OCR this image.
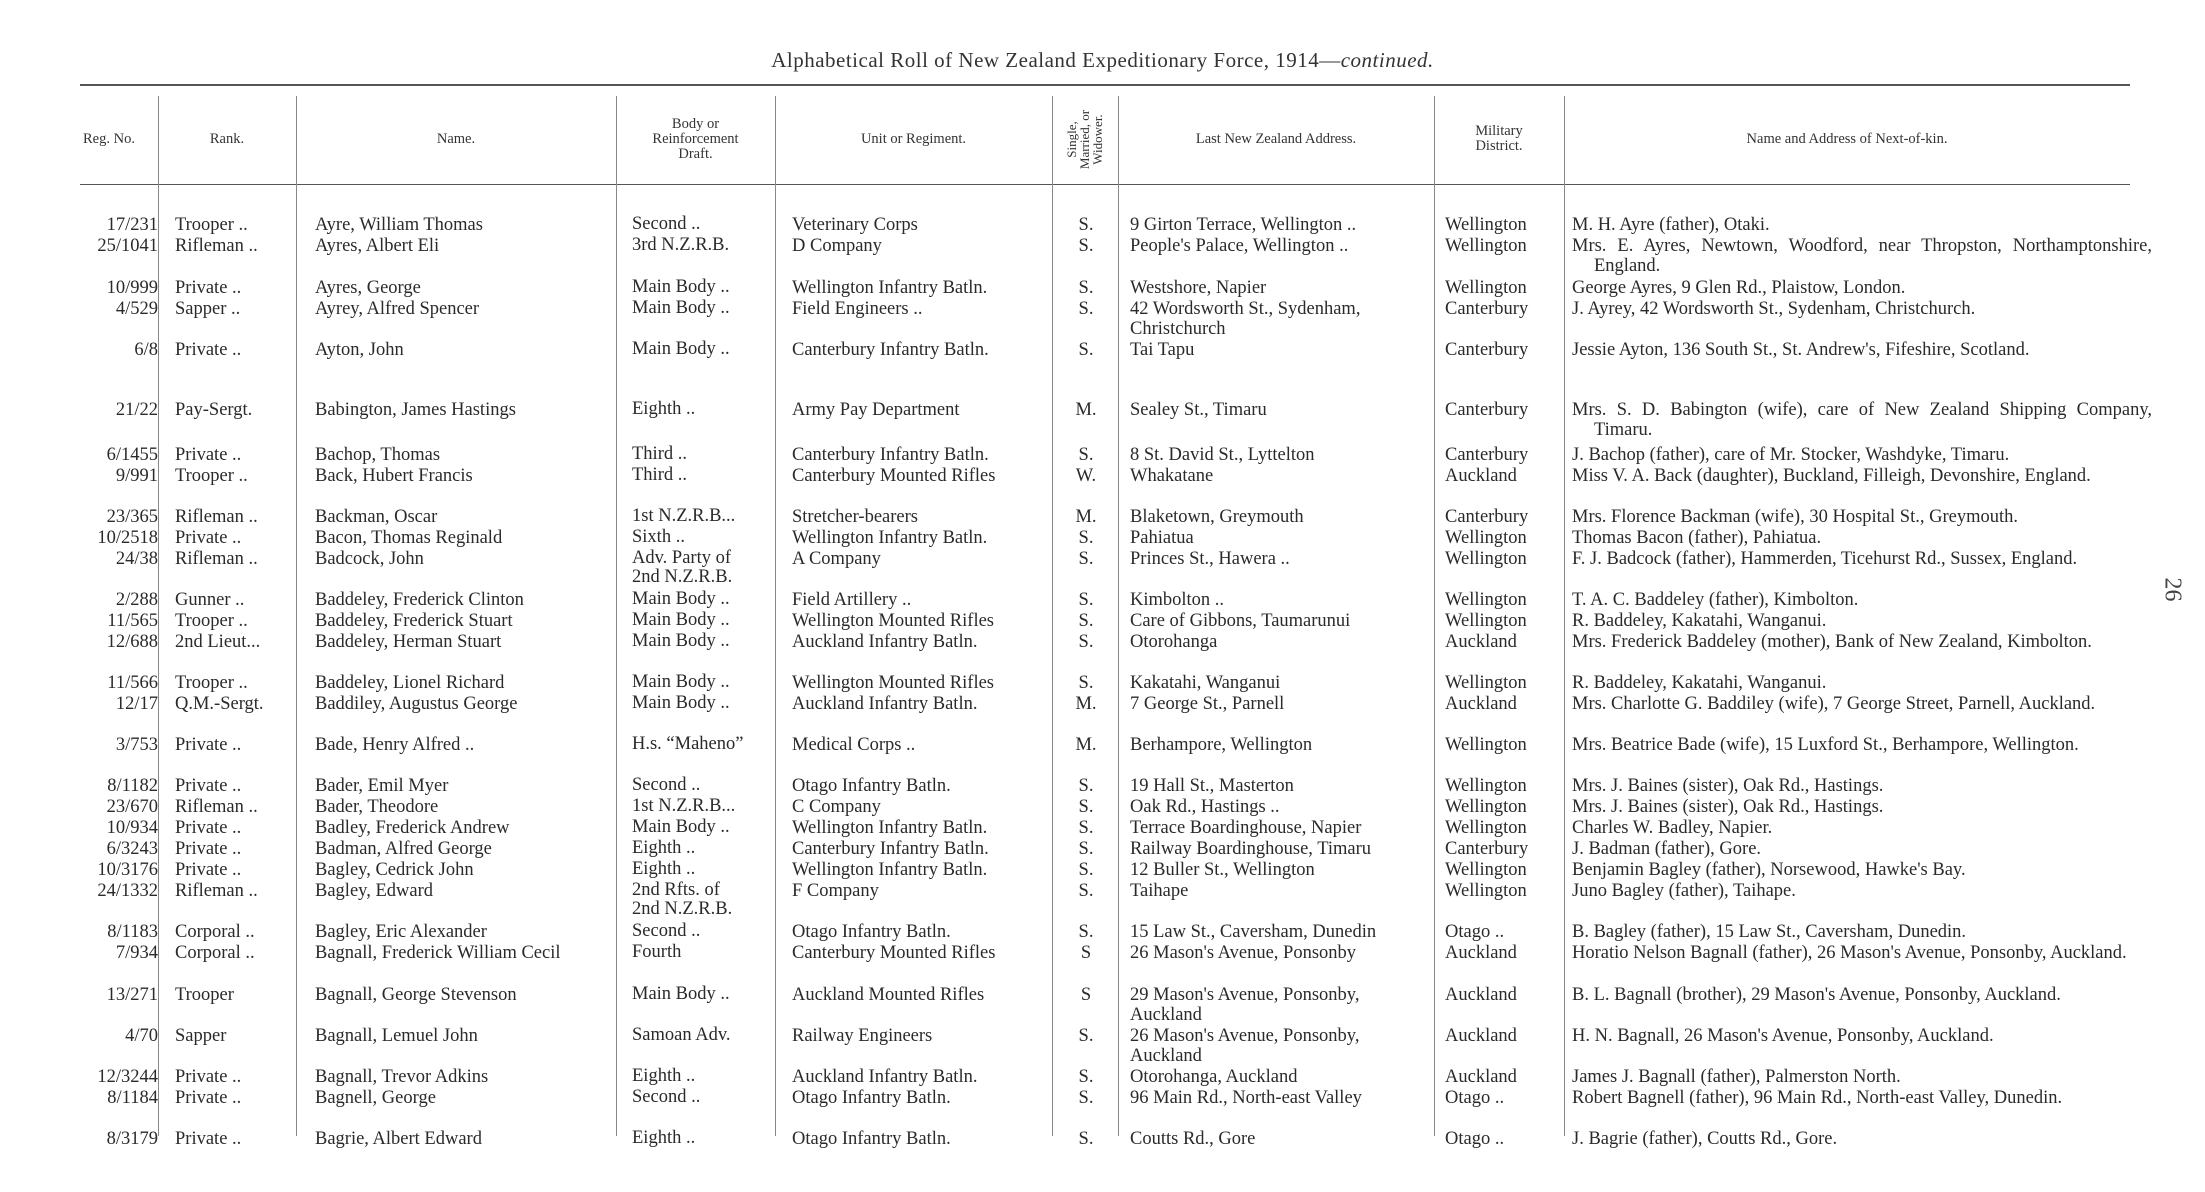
Alphabetical Roll of New Zealand Expeditionary Force, 1914—continued.
Reg. No.	Rank.	Name.
Body or
Reinforcement
Draft.
Unit or Regiment.	Single,
Married, or
Widower.	Last New Zealand Address.	Military
District.	Name and Address of Next-of-kin.
17/231 Trooper ..	Ayre, William Thomas	Second ..	Veterinary Corps	S.	9 Girton Terrace, Wellington ..	Wellington	M. H. Ayre (father), Otaki.
25/1041 Rifleman ..	Ayres, Albert Eli	3rd N.Z.R.B.	D Company	S.	People's Palace, Wellington ..	Wellington	Mrs. E. Ayres, Newtown, Woodford, near Thropston, Northamptonshire, England.
10/999 Private ..	Ayres, George	Main Body ..	Wellington Infantry Batln.	S.	Westshore, Napier	Wellington	George Ayres, 9 Glen Rd., Plaistow, London.
4/529 Sapper ..	Ayrey, Alfred Spencer	Main Body ..	Field Engineers ..	S.	42 Wordsworth St., Sydenham,
Christchurch
Canterbury	J. Ayrey, 42 Wordsworth St., Sydenham, Christchurch.
6/8 Private ..	Ayton, John	Main Body ..	Canterbury Infantry Batln.	S.	Tai Tapu	Canterbury	Jessie Ayton, 136 South St., St. Andrew's, Fifeshire, Scotland.
21/22 Pay-Sergt.	Babington, James Hastings	Eighth ..	Army Pay Department	M.	Sealey St., Timaru	Canterbury	Mrs. S. D. Babington (wife), care of New Zealand Shipping Company, Timaru.
6/1455 Private ..	Bachop, Thomas	Third ..	Canterbury Infantry Batln.	S.	8 St. David St., Lyttelton	Canterbury	J. Bachop (father), care of Mr. Stocker, Washdyke, Timaru.
9/991 Trooper ..	Back, Hubert Francis	Third ..	Canterbury Mounted Rifles	W.	Whakatane	Auckland	Miss V. A. Back (daughter), Buckland, Filleigh, Devonshire, England.
23/365 Rifleman ..	Backman, Oscar	1st N.Z.R.B...	Stretcher-bearers	M.	Blaketown, Greymouth	Canterbury	Mrs. Florence Backman (wife), 30 Hospital St., Greymouth.
10/2518 Private ..	Bacon, Thomas Reginald	Sixth ..	Wellington Infantry Batln.	S.	Pahiatua	Wellington	Thomas Bacon (father), Pahiatua.
24/38 Rifleman ..	Badcock, John	Adv. Party of
2nd N.Z.R.B.
A Company	S.	Princes St., Hawera ..	Wellington	F. J. Badcock (father), Hammerden, Ticehurst Rd., Sussex, England.
2/288 Gunner ..	Baddeley, Frederick Clinton	Main Body ..	Field Artillery ..	S.	Kimbolton ..	Wellington	T. A. C. Baddeley (father), Kimbolton.
11/565 Trooper ..	Baddeley, Frederick Stuart	Main Body ..	Wellington Mounted Rifles	S.	Care of Gibbons, Taumarunui	Wellington	R. Baddeley, Kakatahi, Wanganui.
12/688 2nd Lieut...	Baddeley, Herman Stuart	Main Body ..	Auckland Infantry Batln.	S.	Otorohanga	Auckland	Mrs. Frederick Baddeley (mother), Bank of New Zealand, Kimbolton.
11/566 Trooper ..	Baddeley, Lionel Richard	Main Body ..	Wellington Mounted Rifles	S.	Kakatahi, Wanganui	Wellington	R. Baddeley, Kakatahi, Wanganui.
12/17 Q.M.-Sergt.	Baddiley, Augustus George	Main Body ..	Auckland Infantry Batln.	M.	7 George St., Parnell	Auckland	Mrs. Charlotte G. Baddiley (wife), 7 George Street, Parnell, Auckland.
3/753 Private ..	Bade, Henry Alfred ..	H.s. “Maheno”	Medical Corps ..	M.	Berhampore, Wellington	Wellington	Mrs. Beatrice Bade (wife), 15 Luxford St., Berhampore, Wellington.
8/1182 Private ..	Bader, Emil Myer	Second ..	Otago Infantry Batln.	S.	19 Hall St., Masterton	Wellington	Mrs. J. Baines (sister), Oak Rd., Hastings.
23/670 Rifleman ..	Bader, Theodore	1st N.Z.R.B...	C Company	S.	Oak Rd., Hastings ..	Wellington	Mrs. J. Baines (sister), Oak Rd., Hastings.
10/934 Private ..	Badley, Frederick Andrew	Main Body ..	Wellington Infantry Batln.	S.	Terrace Boardinghouse, Napier	Wellington	Charles W. Badley, Napier.
6/3243 Private ..	Badman, Alfred George	Eighth ..	Canterbury Infantry Batln.	S.	Railway Boardinghouse, Timaru	Canterbury	J. Badman (father), Gore.
10/3176 Private ..	Bagley, Cedrick John	Eighth ..	Wellington Infantry Batln.	S.	12 Buller St., Wellington	Wellington	Benjamin Bagley (father), Norsewood, Hawke's Bay.
24/1332 Rifleman ..	Bagley, Edward	2nd Rfts. of
2nd N.Z.R.B.
F Company	S.	Taihape	Wellington	Juno Bagley (father), Taihape.
8/1183 Corporal ..	Bagley, Eric Alexander	Second ..	Otago Infantry Batln.	S.	15 Law St., Caversham, Dunedin	Otago ..	B. Bagley (father), 15 Law St., Caversham, Dunedin.
7/934 Corporal ..	Bagnall, Frederick William Cecil	Fourth	Canterbury Mounted Rifles	S	26 Mason's Avenue, Ponsonby	Auckland	Horatio Nelson Bagnall (father), 26 Mason's Avenue, Ponsonby, Auckland.
13/271 Trooper	Bagnall, George Stevenson	Main Body ..	Auckland Mounted Rifles	S	29 Mason's Avenue, Ponsonby,
Auckland
Auckland	B. L. Bagnall (brother), 29 Mason's Avenue, Ponsonby, Auckland.
4/70 Sapper	Bagnall, Lemuel John	Samoan Adv.	Railway Engineers	S.	26 Mason's Avenue, Ponsonby,
Auckland
Auckland	H. N. Bagnall, 26 Mason's Avenue, Ponsonby, Auckland.
12/3244 Private ..	Bagnall, Trevor Adkins	Eighth ..	Auckland Infantry Batln.	S.	Otorohanga, Auckland	Auckland	James J. Bagnall (father), Palmerston North.
8/1184 Private ..	Bagnell, George	Second ..	Otago Infantry Batln.	S.	96 Main Rd., North-east Valley	Otago ..	Robert Bagnell (father), 96 Main Rd., North-east Valley, Dunedin.
8/3179 Private ..	Bagrie, Albert Edward	Eighth ..	Otago Infantry Batln.	S.	Coutts Rd., Gore	Otago ..	J. Bagrie (father), Coutts Rd., Gore.
26
